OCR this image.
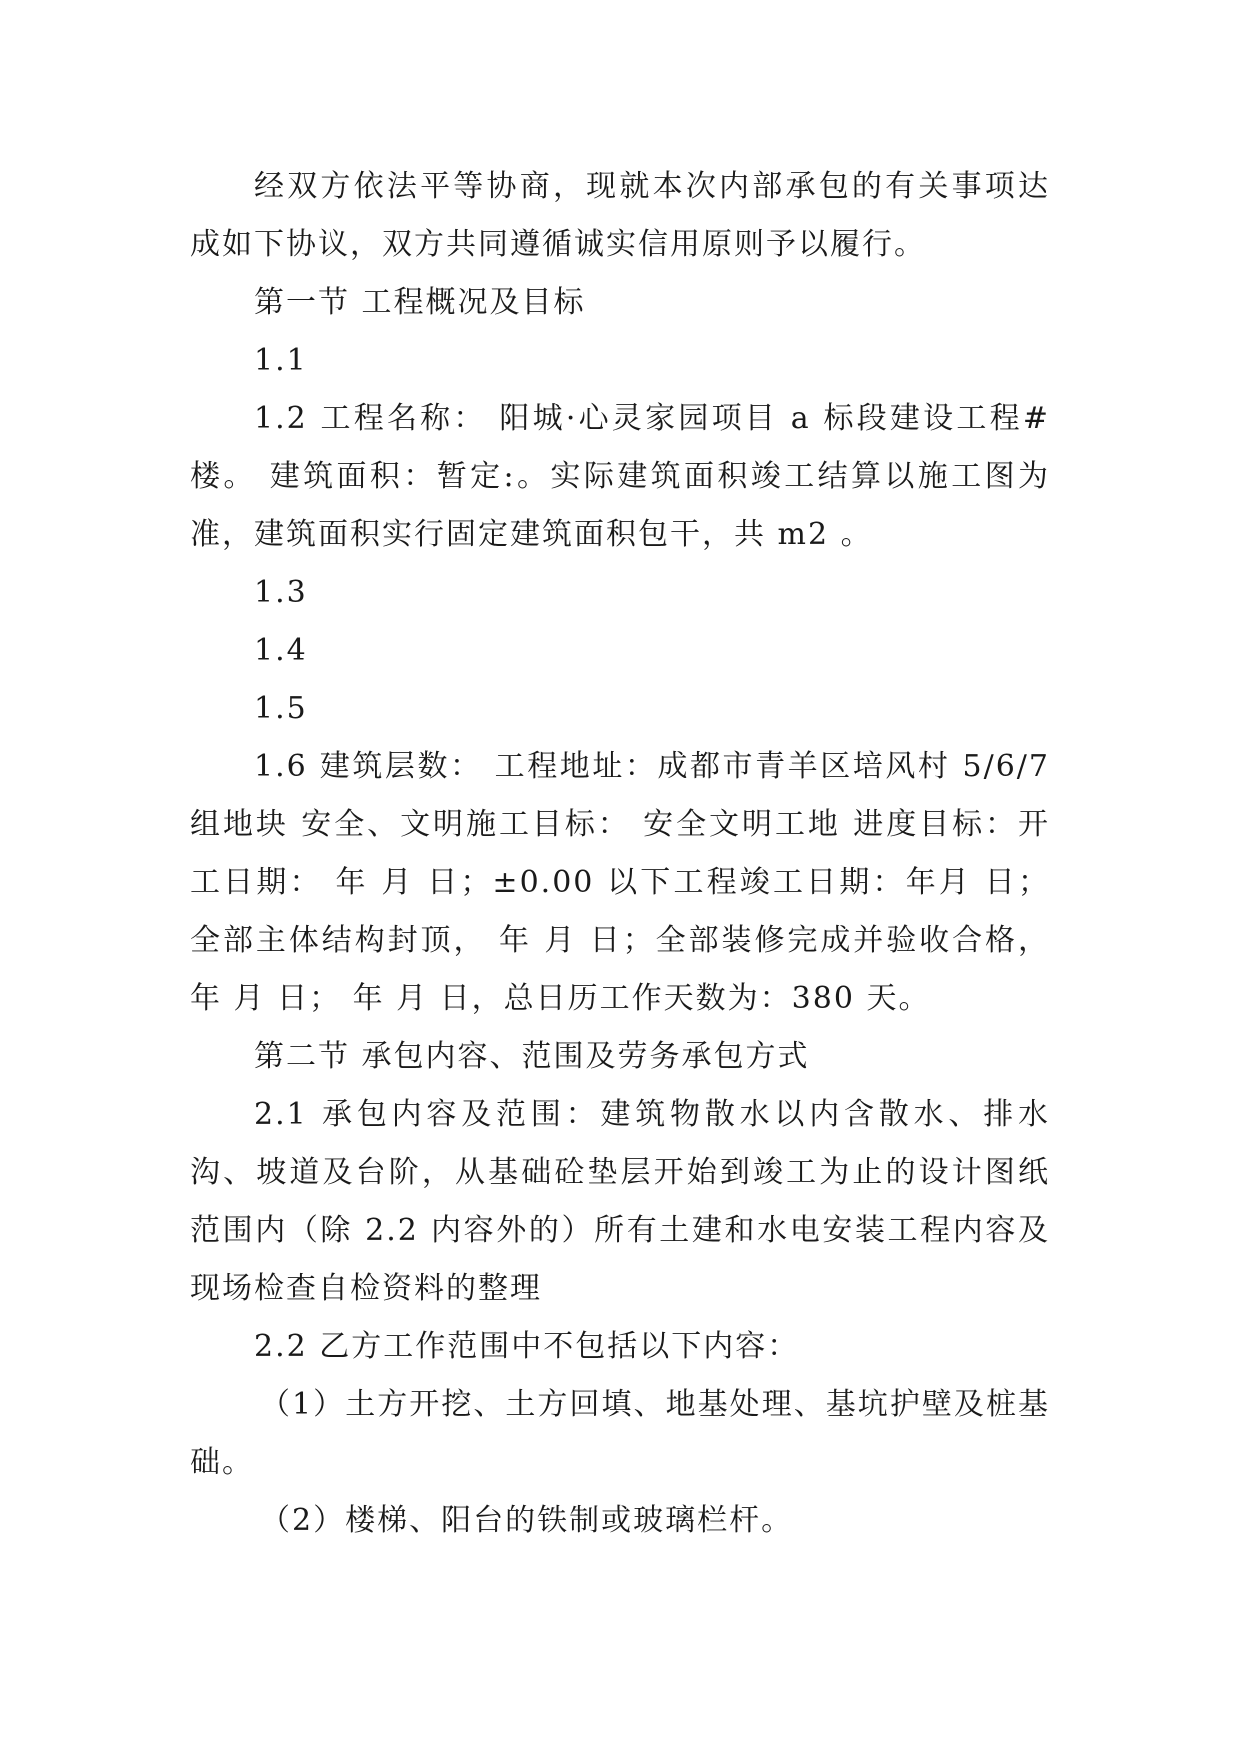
经双方依法平等协商，现就本次内部承包的有关事项达成如下协议，双方共同遵循诚实信用原则予以履行。

第一节 工程概况及目标

1.1

1.2 工程名称： 阳城·心灵家园项目 a 标段建设工程#楼。 建筑面积：暂定:。实际建筑面积竣工结算以施工图为准，建筑面积实行固定建筑面积包干，共 m2 。

1.3

1.4

1.5

1.6 建筑层数： 工程地址：成都市青羊区培风村 5/6/7 组地块 安全、文明施工目标： 安全文明工地 进度目标：开工日期： 年 月 日；±0.00 以下工程竣工日期：年月 日；全部主体结构封顶， 年 月 日；全部装修完成并验收合格，年 月 日； 年 月 日，总日历工作天数为：380 天。

第二节 承包内容、范围及劳务承包方式

2.1 承包内容及范围：建筑物散水以内含散水、排水沟、坡道及台阶，从基础砼垫层开始到竣工为止的设计图纸范围内（除 2.2 内容外的）所有土建和水电安装工程内容及现场检查自检资料的整理

2.2 乙方工作范围中不包括以下内容：

（1）土方开挖、土方回填、地基处理、基坑护壁及桩基础。

（2）楼梯、阳台的铁制或玻璃栏杆。
